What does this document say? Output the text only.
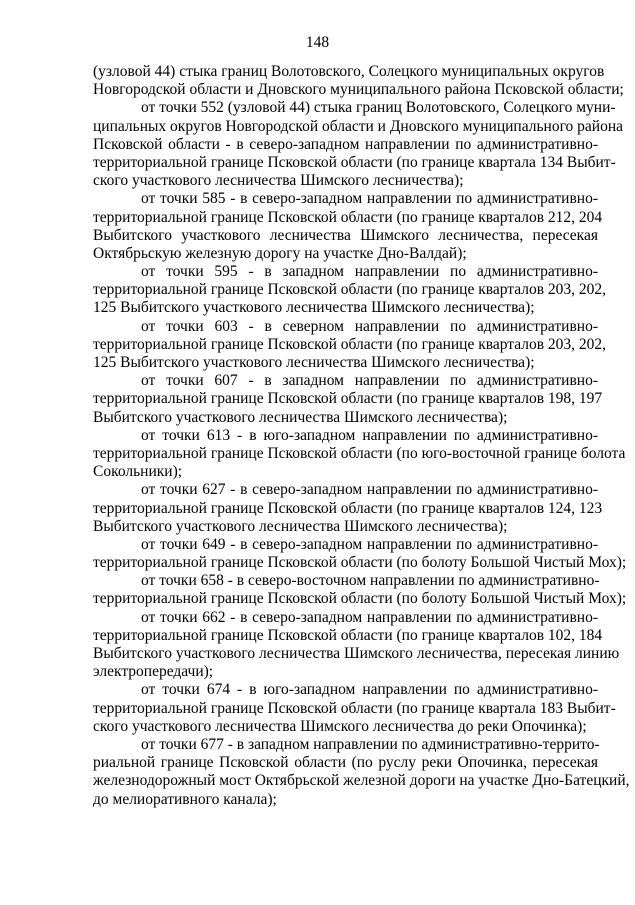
148
(узловой 44) стыка границ Волотовского, Солецкого муниципальных округов
Новгородской области и Дновского муниципального района Псковской области;
от точки 552 (узловой 44) стыка границ Волотовского, Солецкого муни-
ципальных округов Новгородской области и Дновского муниципального района
Псковской области - в северо-западном направлении по административно-
территориальной границе Псковской области (по границе квартала 134 Выбит-
ского участкового лесничества Шимского лесничества);
от точки 585 - в северо-западном направлении по административно-
территориальной границе Псковской области (по границе кварталов 212, 204
Выбитского участкового лесничества Шимского лесничества, пересекая
Октябрьскую железную дорогу на участке Дно-Валдай);
от точки 595 - в западном направлении по административно-
территориальной границе Псковской области (по границе кварталов 203, 202,
125 Выбитского участкового лесничества Шимского лесничества);
от точки 603 - в северном направлении по административно-
территориальной границе Псковской области (по границе кварталов 203, 202,
125 Выбитского участкового лесничества Шимского лесничества);
от точки 607 - в западном направлении по административно-
территориальной границе Псковской области (по границе кварталов 198, 197
Выбитского участкового лесничества Шимского лесничества);
от точки 613 - в юго-западном направлении по административно-
территориальной границе Псковской области (по юго-восточной границе болота
Сокольники);
от точки 627 - в северо-западном направлении по административно-
территориальной границе Псковской области (по границе кварталов 124, 123
Выбитского участкового лесничества Шимского лесничества);
от точки 649 - в северо-западном направлении по административно-
территориальной границе Псковской области (по болоту Большой Чистый Мох);
от точки 658 - в северо-восточном направлении по административно-
территориальной границе Псковской области (по болоту Большой Чистый Мох);
от точки 662 - в северо-западном направлении по административно-
территориальной границе Псковской области (по границе кварталов 102, 184
Выбитского участкового лесничества Шимского лесничества, пересекая линию
электропередачи);
от точки 674 - в юго-западном направлении по административно-
территориальной границе Псковской области (по границе квартала 183 Выбит-
ского участкового лесничества Шимского лесничества до реки Опочинка);
от точки 677 - в западном направлении по административно-террито-
риальной границе Псковской области (по руслу реки Опочинка, пересекая
железнодорожный мост Октябрьской железной дороги на участке Дно-Батецкий,
до мелиоративного канала);
